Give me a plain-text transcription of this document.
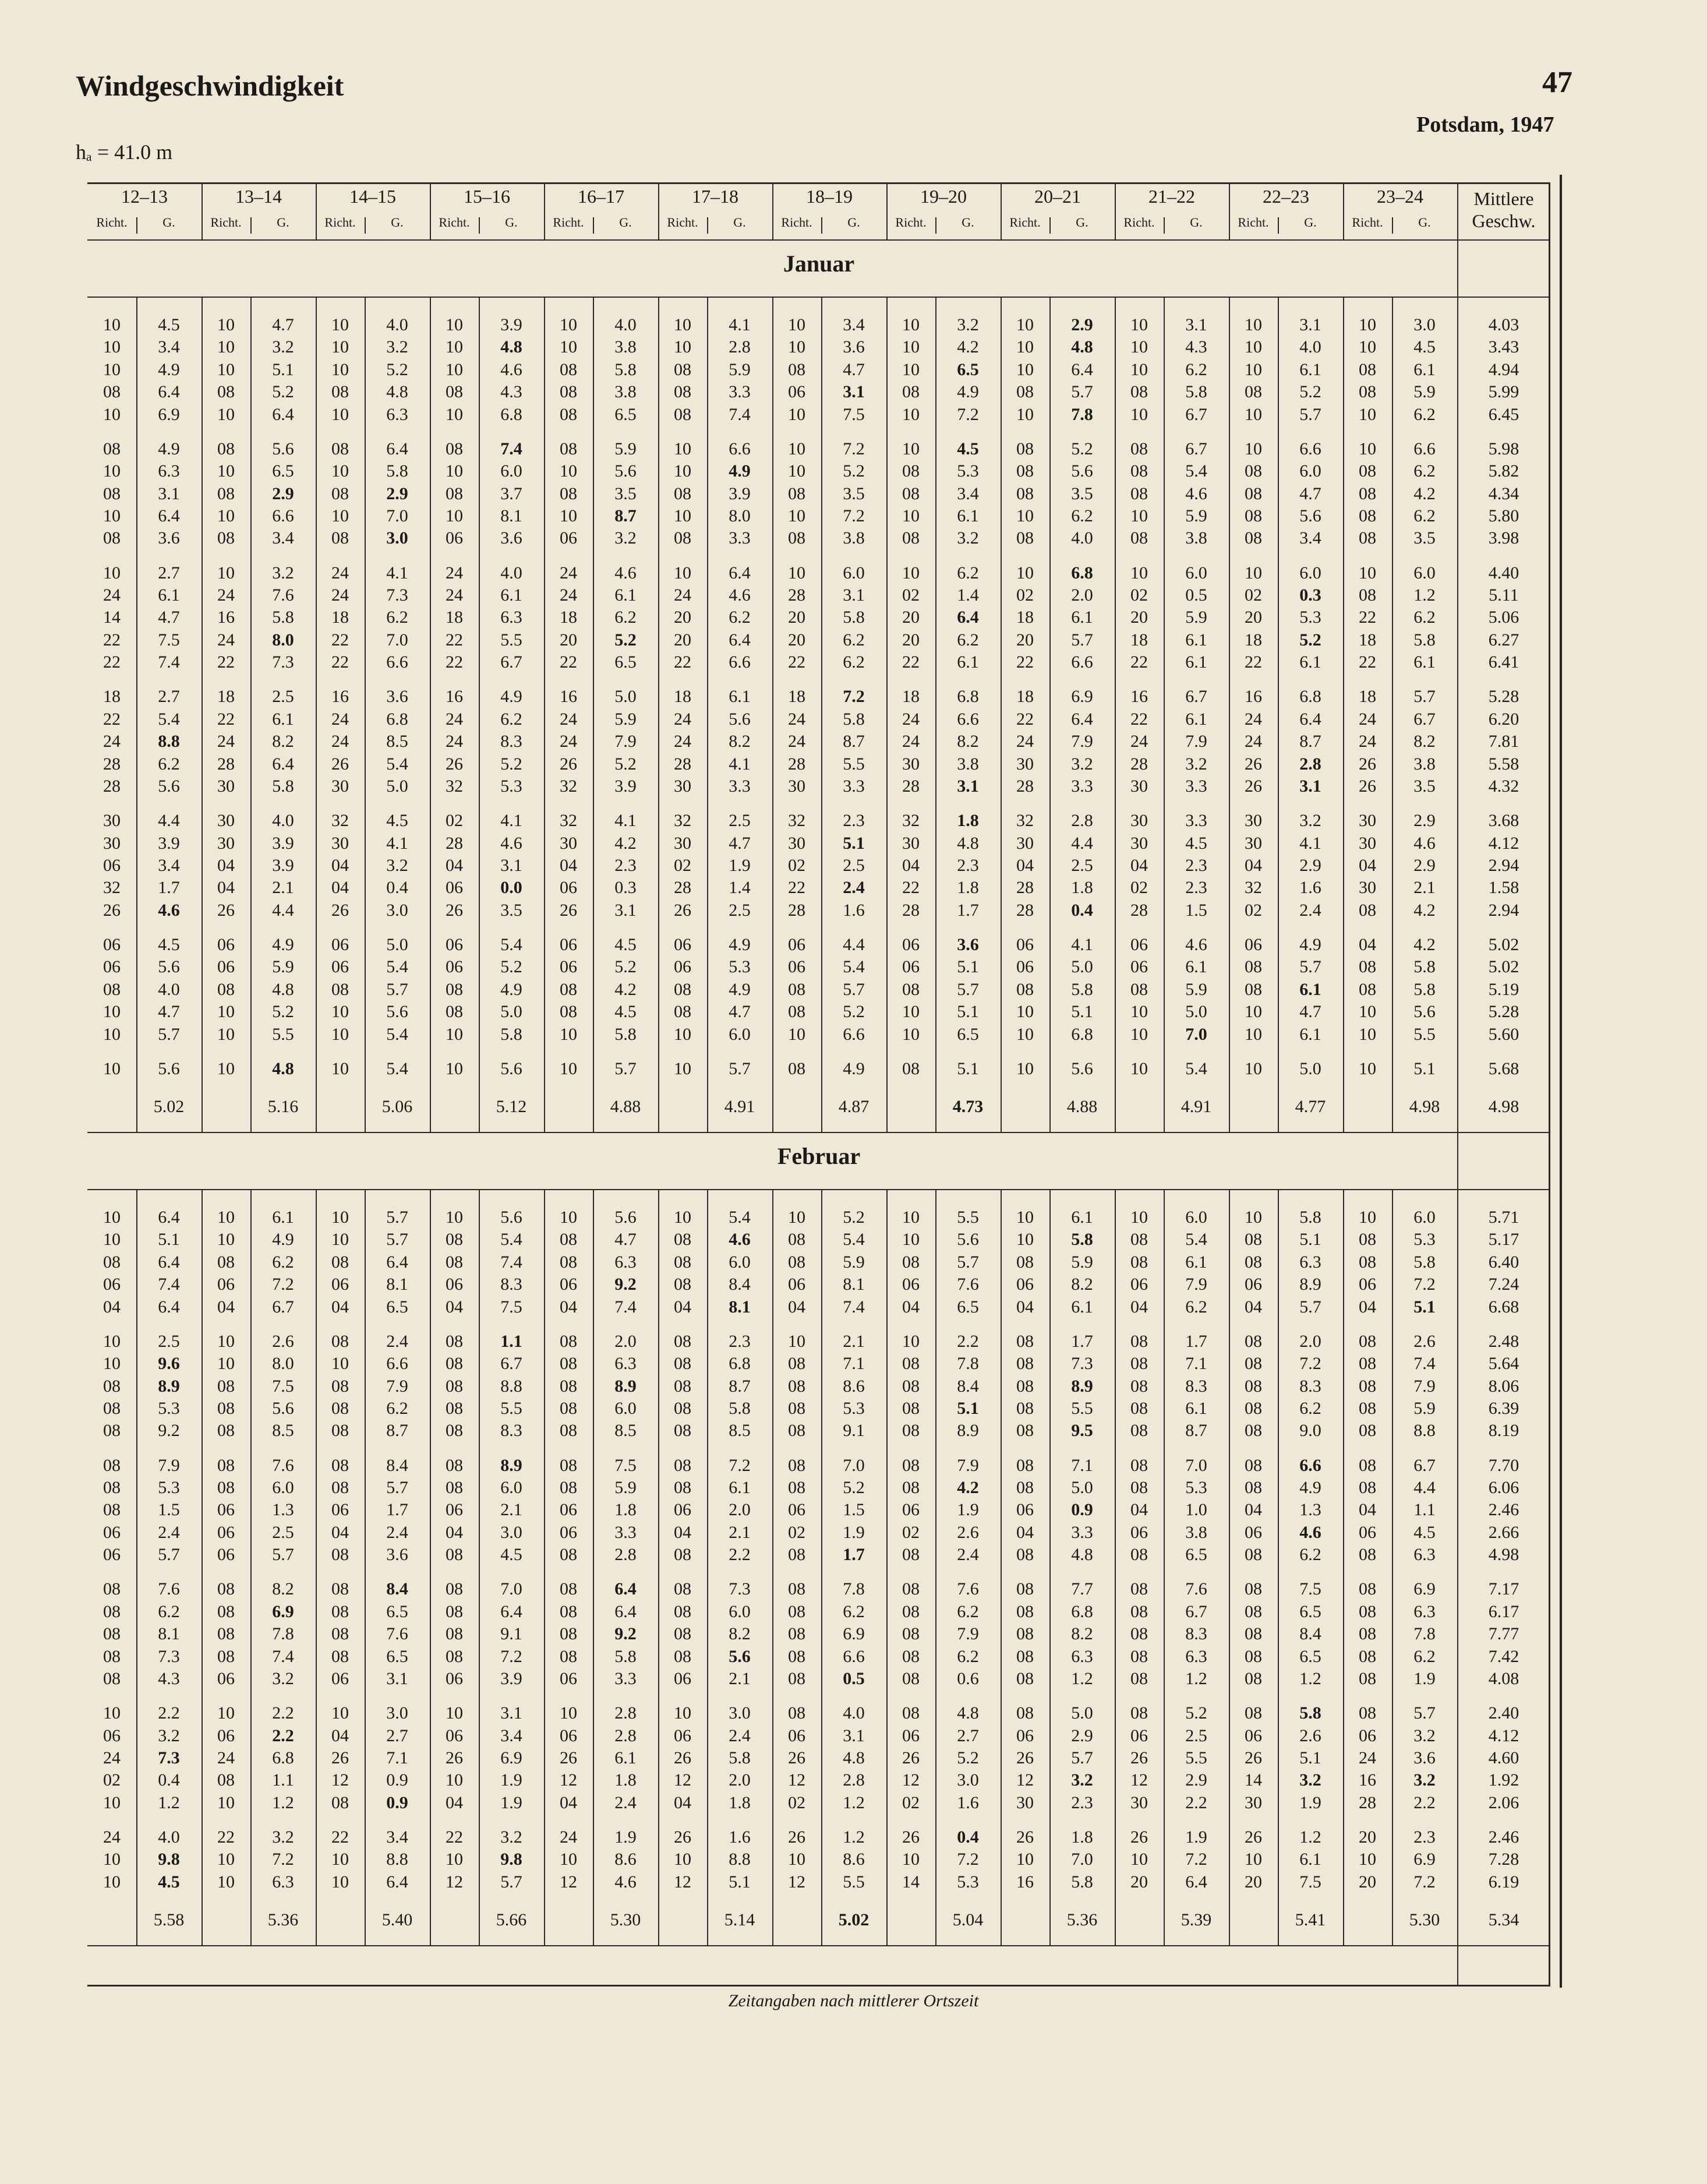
Windgeschwindigkeit	47
Potsdam, 1947
hₐ = 41.0 m
12–13
Richt.	G.
13–14
Richt.	G.
14–15
Richt.	G.
15–16
Richt.	G.
16–17
Richt.	G.
17–18
Richt.	G.
18–19
Richt.	G.
19–20
Richt.	G.
20–21
Richt.	G.
21–22
Richt.	G.
22–23
Richt.	G.
23–24
Richt.	G.
Mittlere
Geschw.
Januar
10	4.5	10	4.7	10	4.0	10	3.9	10	4.0	10	4.1	10	3.4	10	3.2	10	2.9	10	3.1	10	3.1	10	3.0	4.03
10	3.4	10	3.2	10	3.2	10	4.8	10	3.8	10	2.8	10	3.6	10	4.2	10	4.8	10	4.3	10	4.0	10	4.5	3.43
10	4.9	10	5.1	10	5.2	10	4.6	08	5.8	08	5.9	08	4.7	10	6.5	10	6.4	10	6.2	10	6.1	08	6.1	4.94
08	6.4	08	5.2	08	4.8	08	4.3	08	3.8	08	3.3	06	3.1	08	4.9	08	5.7	08	5.8	08	5.2	08	5.9	5.99
10	6.9	10	6.4	10	6.3	10	6.8	08	6.5	08	7.4	10	7.5	10	7.2	10	7.8	10	6.7	10	5.7	10	6.2	6.45
08	4.9	08	5.6	08	6.4	08	7.4	08	5.9	10	6.6	10	7.2	10	4.5	08	5.2	08	6.7	10	6.6	10	6.6	5.98
10	6.3	10	6.5	10	5.8	10	6.0	10	5.6	10	4.9	10	5.2	08	5.3	08	5.6	08	5.4	08	6.0	08	6.2	5.82
08	3.1	08	2.9	08	2.9	08	3.7	08	3.5	08	3.9	08	3.5	08	3.4	08	3.5	08	4.6	08	4.7	08	4.2	4.34
10	6.4	10	6.6	10	7.0	10	8.1	10	8.7	10	8.0	10	7.2	10	6.1	10	6.2	10	5.9	08	5.6	08	6.2	5.80
08	3.6	08	3.4	08	3.0	06	3.6	06	3.2	08	3.3	08	3.8	08	3.2	08	4.0	08	3.8	08	3.4	08	3.5	3.98
10	2.7	10	3.2	24	4.1	24	4.0	24	4.6	10	6.4	10	6.0	10	6.2	10	6.8	10	6.0	10	6.0	10	6.0	4.40
24	6.1	24	7.6	24	7.3	24	6.1	24	6.1	24	4.6	28	3.1	02	1.4	02	2.0	02	0.5	02	0.3	08	1.2	5.11
14	4.7	16	5.8	18	6.2	18	6.3	18	6.2	20	6.2	20	5.8	20	6.4	18	6.1	20	5.9	20	5.3	22	6.2	5.06
22	7.5	24	8.0	22	7.0	22	5.5	20	5.2	20	6.4	20	6.2	20	6.2	20	5.7	18	6.1	18	5.2	18	5.8	6.27
22	7.4	22	7.3	22	6.6	22	6.7	22	6.5	22	6.6	22	6.2	22	6.1	22	6.6	22	6.1	22	6.1	22	6.1	6.41
18	2.7	18	2.5	16	3.6	16	4.9	16	5.0	18	6.1	18	7.2	18	6.8	18	6.9	16	6.7	16	6.8	18	5.7	5.28
22	5.4	22	6.1	24	6.8	24	6.2	24	5.9	24	5.6	24	5.8	24	6.6	22	6.4	22	6.1	24	6.4	24	6.7	6.20
24	8.8	24	8.2	24	8.5	24	8.3	24	7.9	24	8.2	24	8.7	24	8.2	24	7.9	24	7.9	24	8.7	24	8.2	7.81
28	6.2	28	6.4	26	5.4	26	5.2	26	5.2	28	4.1	28	5.5	30	3.8	30	3.2	28	3.2	26	2.8	26	3.8	5.58
28	5.6	30	5.8	30	5.0	32	5.3	32	3.9	30	3.3	30	3.3	28	3.1	28	3.3	30	3.3	26	3.1	26	3.5	4.32
30	4.4	30	4.0	32	4.5	02	4.1	32	4.1	32	2.5	32	2.3	32	1.8	32	2.8	30	3.3	30	3.2	30	2.9	3.68
30	3.9	30	3.9	30	4.1	28	4.6	30	4.2	30	4.7	30	5.1	30	4.8	30	4.4	30	4.5	30	4.1	30	4.6	4.12
06	3.4	04	3.9	04	3.2	04	3.1	04	2.3	02	1.9	02	2.5	04	2.3	04	2.5	04	2.3	04	2.9	04	2.9	2.94
32	1.7	04	2.1	04	0.4	06	0.0	06	0.3	28	1.4	22	2.4	22	1.8	28	1.8	02	2.3	32	1.6	30	2.1	1.58
26	4.6	26	4.4	26	3.0	26	3.5	26	3.1	26	2.5	28	1.6	28	1.7	28	0.4	28	1.5	02	2.4	08	4.2	2.94
06	4.5	06	4.9	06	5.0	06	5.4	06	4.5	06	4.9	06	4.4	06	3.6	06	4.1	06	4.6	06	4.9	04	4.2	5.02
06	5.6	06	5.9	06	5.4	06	5.2	06	5.2	06	5.3	06	5.4	06	5.1	06	5.0	06	6.1	08	5.7	08	5.8	5.02
08	4.0	08	4.8	08	5.7	08	4.9	08	4.2	08	4.9	08	5.7	08	5.7	08	5.8	08	5.9	08	6.1	08	5.8	5.19
10	4.7	10	5.2	10	5.6	08	5.0	08	4.5	08	4.7	08	5.2	10	5.1	10	5.1	10	5.0	10	4.7	10	5.6	5.28
10	5.7	10	5.5	10	5.4	10	5.8	10	5.8	10	6.0	10	6.6	10	6.5	10	6.8	10	7.0	10	6.1	10	5.5	5.60
10	5.6	10	4.8	10	5.4	10	5.6	10	5.7	10	5.7	08	4.9	08	5.1	10	5.6	10	5.4	10	5.0	10	5.1	5.68
5.02	5.16	5.06	5.12	4.88	4.91	4.87	4.73	4.88	4.91	4.77	4.98	4.98
Februar
10	6.4	10	6.1	10	5.7	10	5.6	10	5.6	10	5.4	10	5.2	10	5.5	10	6.1	10	6.0	10	5.8	10	6.0	5.71
10	5.1	10	4.9	10	5.7	08	5.4	08	4.7	08	4.6	08	5.4	10	5.6	10	5.8	08	5.4	08	5.1	08	5.3	5.17
08	6.4	08	6.2	08	6.4	08	7.4	08	6.3	08	6.0	08	5.9	08	5.7	08	5.9	08	6.1	08	6.3	08	5.8	6.40
06	7.4	06	7.2	06	8.1	06	8.3	06	9.2	08	8.4	06	8.1	06	7.6	06	8.2	06	7.9	06	8.9	06	7.2	7.24
04	6.4	04	6.7	04	6.5	04	7.5	04	7.4	04	8.1	04	7.4	04	6.5	04	6.1	04	6.2	04	5.7	04	5.1	6.68
10	2.5	10	2.6	08	2.4	08	1.1	08	2.0	08	2.3	10	2.1	10	2.2	08	1.7	08	1.7	08	2.0	08	2.6	2.48
10	9.6	10	8.0	10	6.6	08	6.7	08	6.3	08	6.8	08	7.1	08	7.8	08	7.3	08	7.1	08	7.2	08	7.4	5.64
08	8.9	08	7.5	08	7.9	08	8.8	08	8.9	08	8.7	08	8.6	08	8.4	08	8.9	08	8.3	08	8.3	08	7.9	8.06
08	5.3	08	5.6	08	6.2	08	5.5	08	6.0	08	5.8	08	5.3	08	5.1	08	5.5	08	6.1	08	6.2	08	5.9	6.39
08	9.2	08	8.5	08	8.7	08	8.3	08	8.5	08	8.5	08	9.1	08	8.9	08	9.5	08	8.7	08	9.0	08	8.8	8.19
08	7.9	08	7.6	08	8.4	08	8.9	08	7.5	08	7.2	08	7.0	08	7.9	08	7.1	08	7.0	08	6.6	08	6.7	7.70
08	5.3	08	6.0	08	5.7	08	6.0	08	5.9	08	6.1	08	5.2	08	4.2	08	5.0	08	5.3	08	4.9	08	4.4	6.06
08	1.5	06	1.3	06	1.7	06	2.1	06	1.8	06	2.0	06	1.5	06	1.9	06	0.9	04	1.0	04	1.3	04	1.1	2.46
06	2.4	06	2.5	04	2.4	04	3.0	06	3.3	04	2.1	02	1.9	02	2.6	04	3.3	06	3.8	06	4.6	06	4.5	2.66
06	5.7	06	5.7	08	3.6	08	4.5	08	2.8	08	2.2	08	1.7	08	2.4	08	4.8	08	6.5	08	6.2	08	6.3	4.98
08	7.6	08	8.2	08	8.4	08	7.0	08	6.4	08	7.3	08	7.8	08	7.6	08	7.7	08	7.6	08	7.5	08	6.9	7.17
08	6.2	08	6.9	08	6.5	08	6.4	08	6.4	08	6.0	08	6.2	08	6.2	08	6.8	08	6.7	08	6.5	08	6.3	6.17
08	8.1	08	7.8	08	7.6	08	9.1	08	9.2	08	8.2	08	6.9	08	7.9	08	8.2	08	8.3	08	8.4	08	7.8	7.77
08	7.3	08	7.4	08	6.5	08	7.2	08	5.8	08	5.6	08	6.6	08	6.2	08	6.3	08	6.3	08	6.5	08	6.2	7.42
08	4.3	06	3.2	06	3.1	06	3.9	06	3.3	06	2.1	08	0.5	08	0.6	08	1.2	08	1.2	08	1.2	08	1.9	4.08
10	2.2	10	2.2	10	3.0	10	3.1	10	2.8	10	3.0	08	4.0	08	4.8	08	5.0	08	5.2	08	5.8	08	5.7	2.40
06	3.2	06	2.2	04	2.7	06	3.4	06	2.8	06	2.4	06	3.1	06	2.7	06	2.9	06	2.5	06	2.6	06	3.2	4.12
24	7.3	24	6.8	26	7.1	26	6.9	26	6.1	26	5.8	26	4.8	26	5.2	26	5.7	26	5.5	26	5.1	24	3.6	4.60
02	0.4	08	1.1	12	0.9	10	1.9	12	1.8	12	2.0	12	2.8	12	3.0	12	3.2	12	2.9	14	3.2	16	3.2	1.92
10	1.2	10	1.2	08	0.9	04	1.9	04	2.4	04	1.8	02	1.2	02	1.6	30	2.3	30	2.2	30	1.9	28	2.2	2.06
24	4.0	22	3.2	22	3.4	22	3.2	24	1.9	26	1.6	26	1.2	26	0.4	26	1.8	26	1.9	26	1.2	20	2.3	2.46
10	9.8	10	7.2	10	8.8	10	9.8	10	8.6	10	8.8	10	8.6	10	7.2	10	7.0	10	7.2	10	6.1	10	6.9	7.28
10	4.5	10	6.3	10	6.4	12	5.7	12	4.6	12	5.1	12	5.5	14	5.3	16	5.8	20	6.4	20	7.5	20	7.2	6.19
5.58	5.36	5.40	5.66	5.30	5.14	5.02	5.04	5.36	5.39	5.41	5.30	5.34
Zeitangaben nach mittlerer Ortszeit
